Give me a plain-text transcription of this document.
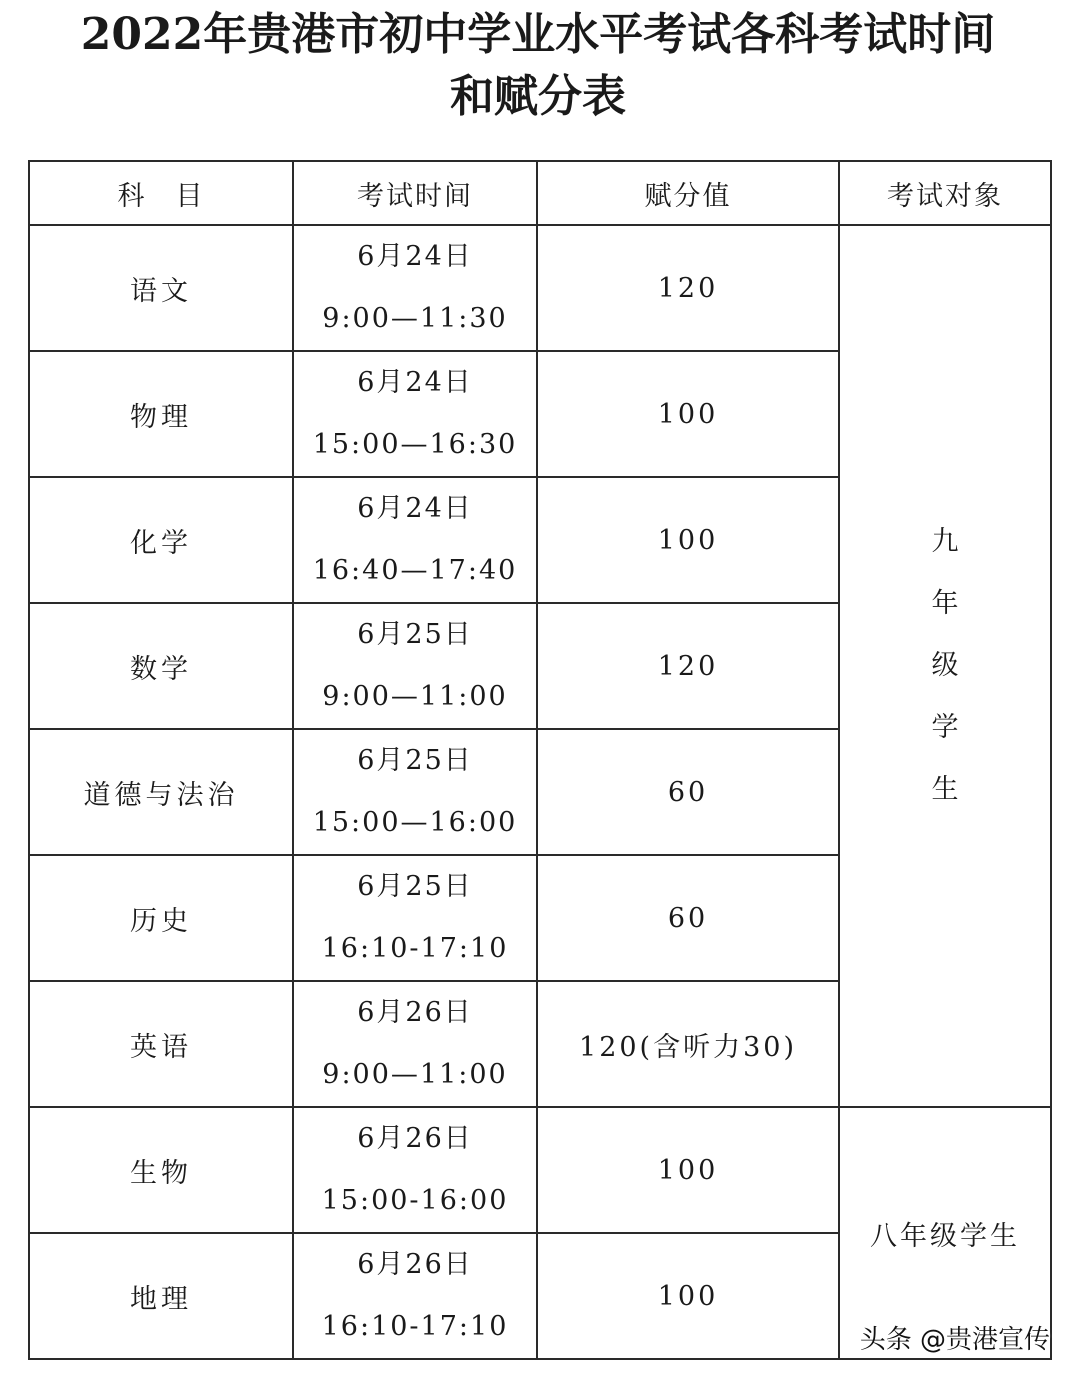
2022年贵港市初中学业水平考试各科考试时间
和赋分表
科　目	考试时间	赋分值	考试对象
语文	6月24日
9:00—11:30	120	九
年
级
学
生

物理	6月24日
15:00—16:30	100	
化学	6月24日
16:40—17:40	100	
数学	6月25日
9:00—11:00	120	
道德与法治	6月25日
15:00—16:00	60	
历史	6月25日
16:10-17:10	60	
英语	6月26日
9:00—11:00	120(含听力30)	
生物	6月26日
15:00-16:00	100	八年级学生
地理	6月26日
16:10-17:10	100	
头条 @贵港宣传
